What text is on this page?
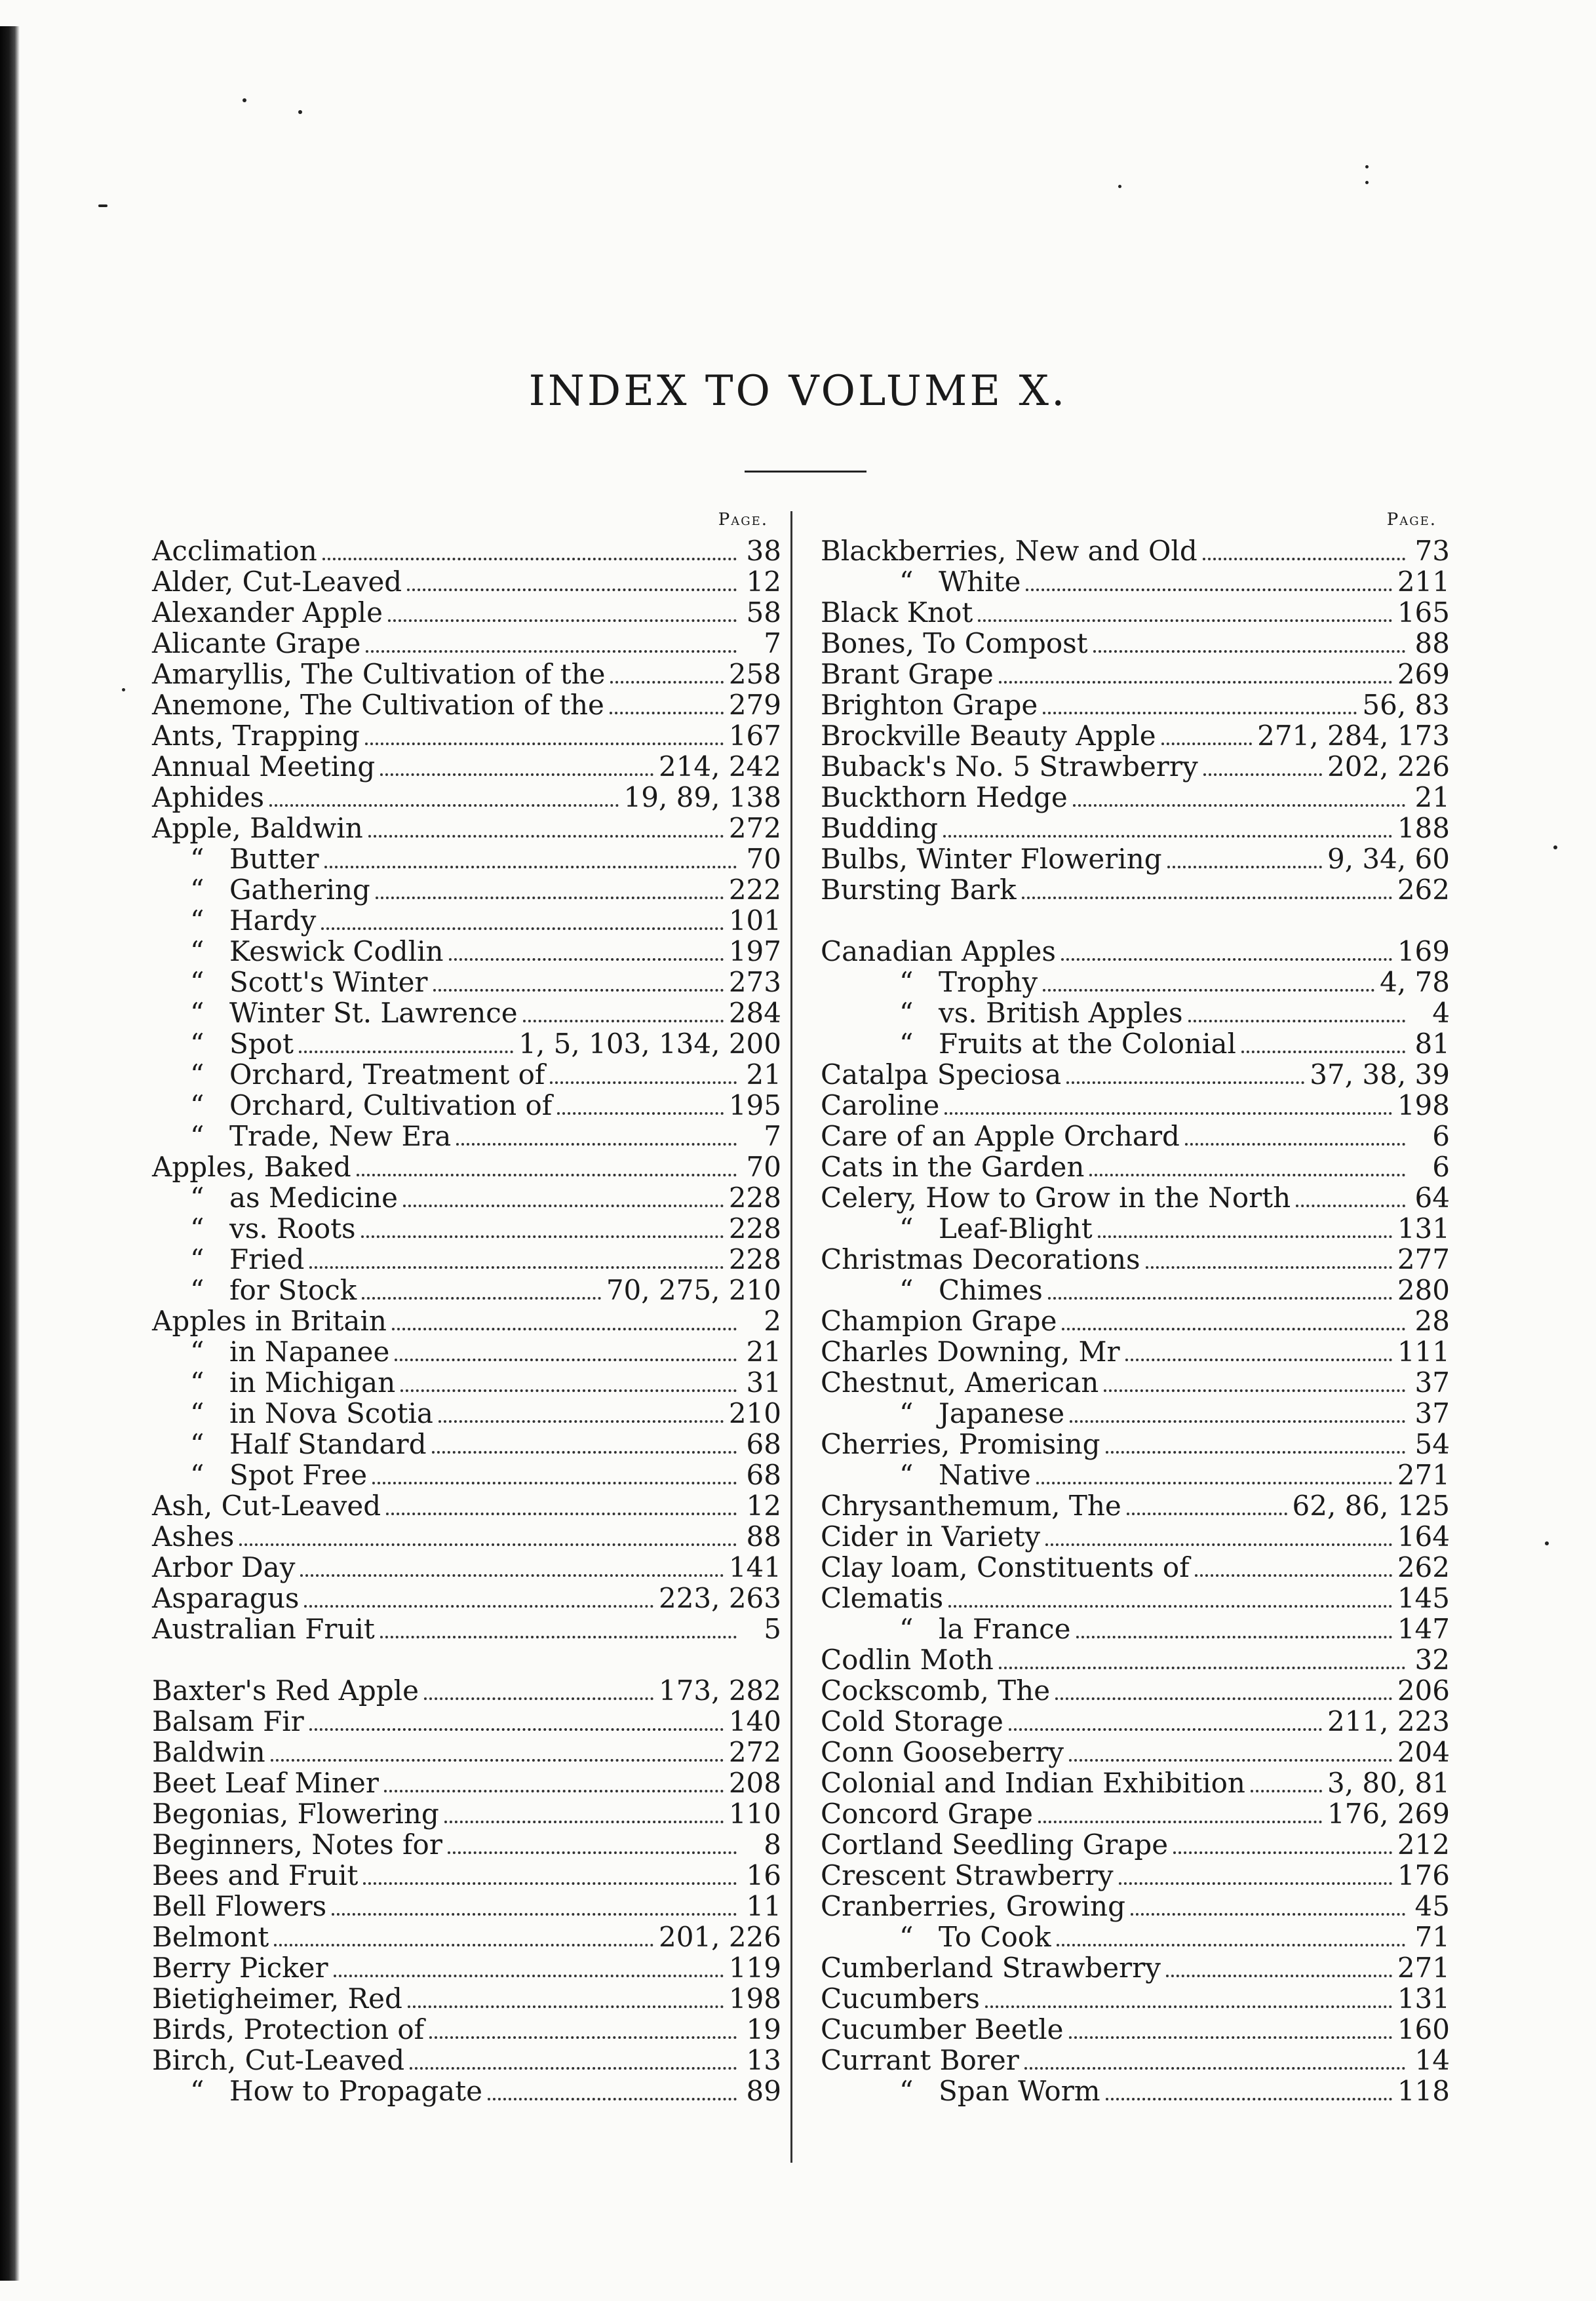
INDEX TO VOLUME X.
Page.
Acclimation	38
Alder, Cut-Leaved	12
Alexander Apple	58
Alicante Grape	7
Amaryllis, The Cultivation of the	258
Anemone, The Cultivation of the	279
Ants, Trapping	167
Annual Meeting	214, 242
Aphides	19, 89, 138
Apple, Baldwin	272
“ Butter	70
“ Gathering	222
“ Hardy	101
“ Keswick Codlin	197
“ Scott's Winter	273
“ Winter St. Lawrence	284
“ Spot	1, 5, 103, 134, 200
“ Orchard, Treatment of	21
“ Orchard, Cultivation of	195
“ Trade, New Era	7
Apples, Baked	70
“ as Medicine	228
“ vs. Roots	228
“ Fried	228
“ for Stock	70, 275, 210
Apples in Britain	2
“ in Napanee	21
“ in Michigan	31
“ in Nova Scotia	210
“ Half Standard	68
“ Spot Free	68
Ash, Cut-Leaved	12
Ashes	88
Arbor Day	141
Asparagus	223, 263
Australian Fruit	5
Baxter's Red Apple	173, 282
Balsam Fir	140
Baldwin	272
Beet Leaf Miner	208
Begonias, Flowering	110
Beginners, Notes for	8
Bees and Fruit	16
Bell Flowers	11
Belmont	201, 226
Berry Picker	119
Bietigheimer, Red	198
Birds, Protection of	19
Birch, Cut-Leaved	13
“ How to Propagate	89
Page.
Blackberries, New and Old	73
“ White	211
Black Knot	165
Bones, To Compost	88
Brant Grape	269
Brighton Grape	56, 83
Brockville Beauty Apple	271, 284, 173
Buback's No. 5 Strawberry	202, 226
Buckthorn Hedge	21
Budding	188
Bulbs, Winter Flowering	9, 34, 60
Bursting Bark	262
Canadian Apples	169
“ Trophy	4, 78
“ vs. British Apples	4
“ Fruits at the Colonial	81
Catalpa Speciosa	37, 38, 39
Caroline	198
Care of an Apple Orchard	6
Cats in the Garden	6
Celery, How to Grow in the North	64
“ Leaf-Blight	131
Christmas Decorations	277
“ Chimes	280
Champion Grape	28
Charles Downing, Mr	111
Chestnut, American	37
“ Japanese	37
Cherries, Promising	54
“ Native	271
Chrysanthemum, The	62, 86, 125
Cider in Variety	164
Clay loam, Constituents of	262
Clematis	145
“ la France	147
Codlin Moth	32
Cockscomb, The	206
Cold Storage	211, 223
Conn Gooseberry	204
Colonial and Indian Exhibition	3, 80, 81
Concord Grape	176, 269
Cortland Seedling Grape	212
Crescent Strawberry	176
Cranberries, Growing	45
“ To Cook	71
Cumberland Strawberry	271
Cucumbers	131
Cucumber Beetle	160
Currant Borer	14
“ Span Worm	118
